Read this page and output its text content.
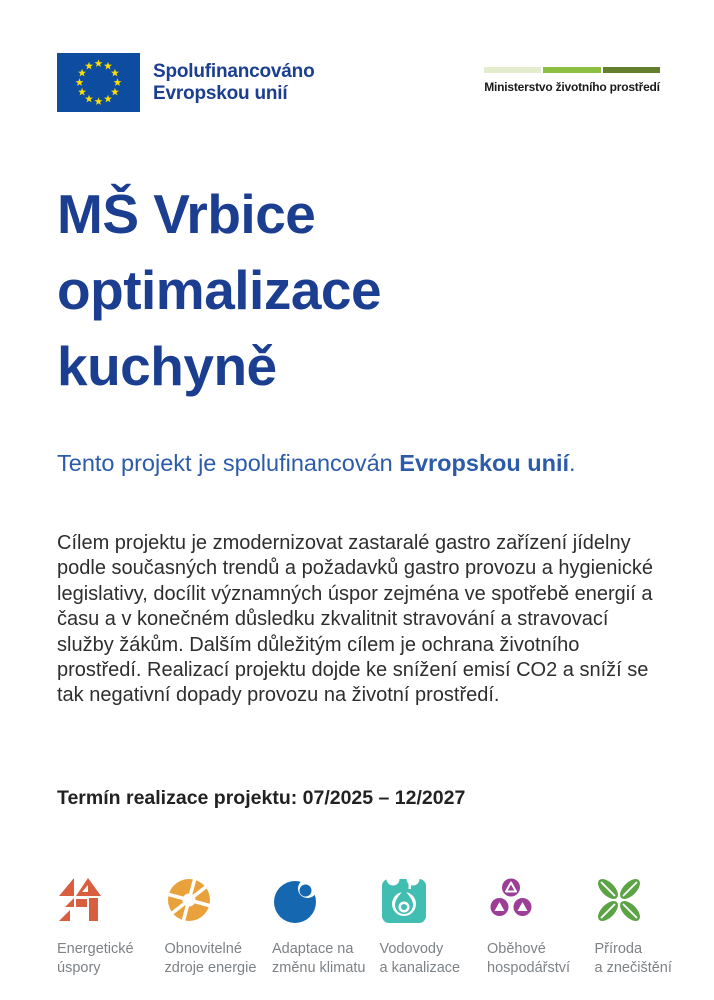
Spolufinancováno
Evropskou unií	Ministerstvo životního prostředí
MŠ Vrbice
optimalizace
kuchyně
Tento projekt je spolufinancován Evropskou unií.
Cílem projektu je zmodernizovat zastaralé gastro zařízení jídelny podle současných trendů a požadavků gastro provozu a hygienické legislativy, docílit významných úspor zejména ve spotřebě energií a času a v konečném důsledku zkvalitnit stravování a stravovací služby žákům. Dalším důležitým cílem je ochrana životního prostředí. Realizací projektu dojde ke snížení emisí CO2 a sníží se tak negativní dopady provozu na životní prostředí.
Termín realizace projektu: 07/2025 – 12/2027
Energetické
úspory
Obnovitelné
zdroje energie
Adaptace na
změnu klimatu
Vodovody
a kanalizace
Oběhové
hospodářství
Příroda
a znečištění
